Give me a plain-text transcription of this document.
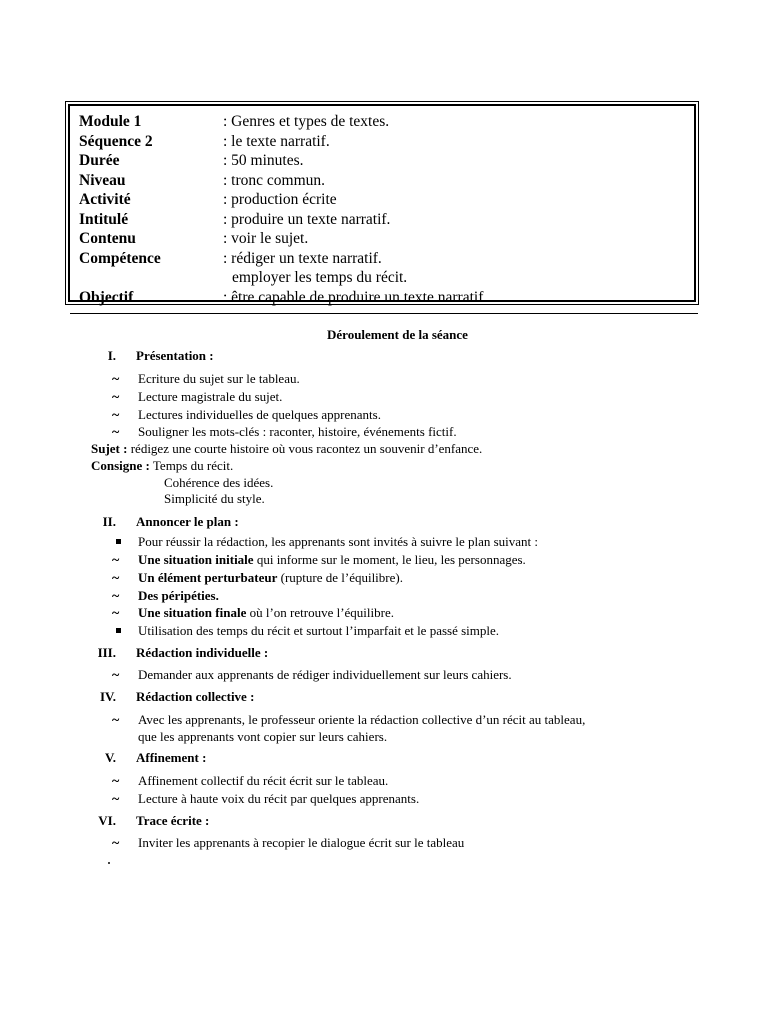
Module 1	: Genres et types de textes.
Séquence 2	: le texte narratif.
Durée	: 50 minutes.
Niveau	: tronc commun.
Activité	: production écrite
Intitulé	: produire un texte narratif.
Contenu	: voir le sujet.
Compétence	: rédiger un texte narratif.
employer les temps du récit.
Objectif	: être capable de produire un texte narratif.
Déroulement de la séance
I. Présentation :
~ Ecriture du sujet sur le tableau.
~ Lecture magistrale du sujet.
~ Lectures individuelles de quelques apprenants.
~ Souligner les mots-clés : raconter, histoire, événements fictif.
Sujet : rédigez une courte histoire où vous racontez un souvenir d’enfance.
Consigne : Temps du récit.
Cohérence des idées.
Simplicité du style.
II. Annoncer le plan :
Pour réussir la rédaction, les apprenants sont invités à suivre le plan suivant :
~ Une situation initiale qui informe sur le moment, le lieu, les personnages.
~ Un élément perturbateur (rupture de l’équilibre).
~ Des péripéties.
~ Une situation finale où l’on retrouve l’équilibre.
Utilisation des temps du récit et surtout l’imparfait et le passé simple.
III. Rédaction individuelle :
~ Demander aux apprenants de rédiger individuellement sur leurs cahiers.
IV. Rédaction collective :
~ Avec les apprenants, le professeur oriente la rédaction collective d’un récit au tableau,
que les apprenants vont copier sur leurs cahiers.
V. Affinement :
~ Affinement collectif du récit écrit sur le tableau.
~ Lecture à haute voix du récit par quelques apprenants.
VI. Trace écrite :
~ Inviter les apprenants à recopier le dialogue écrit sur le tableau
